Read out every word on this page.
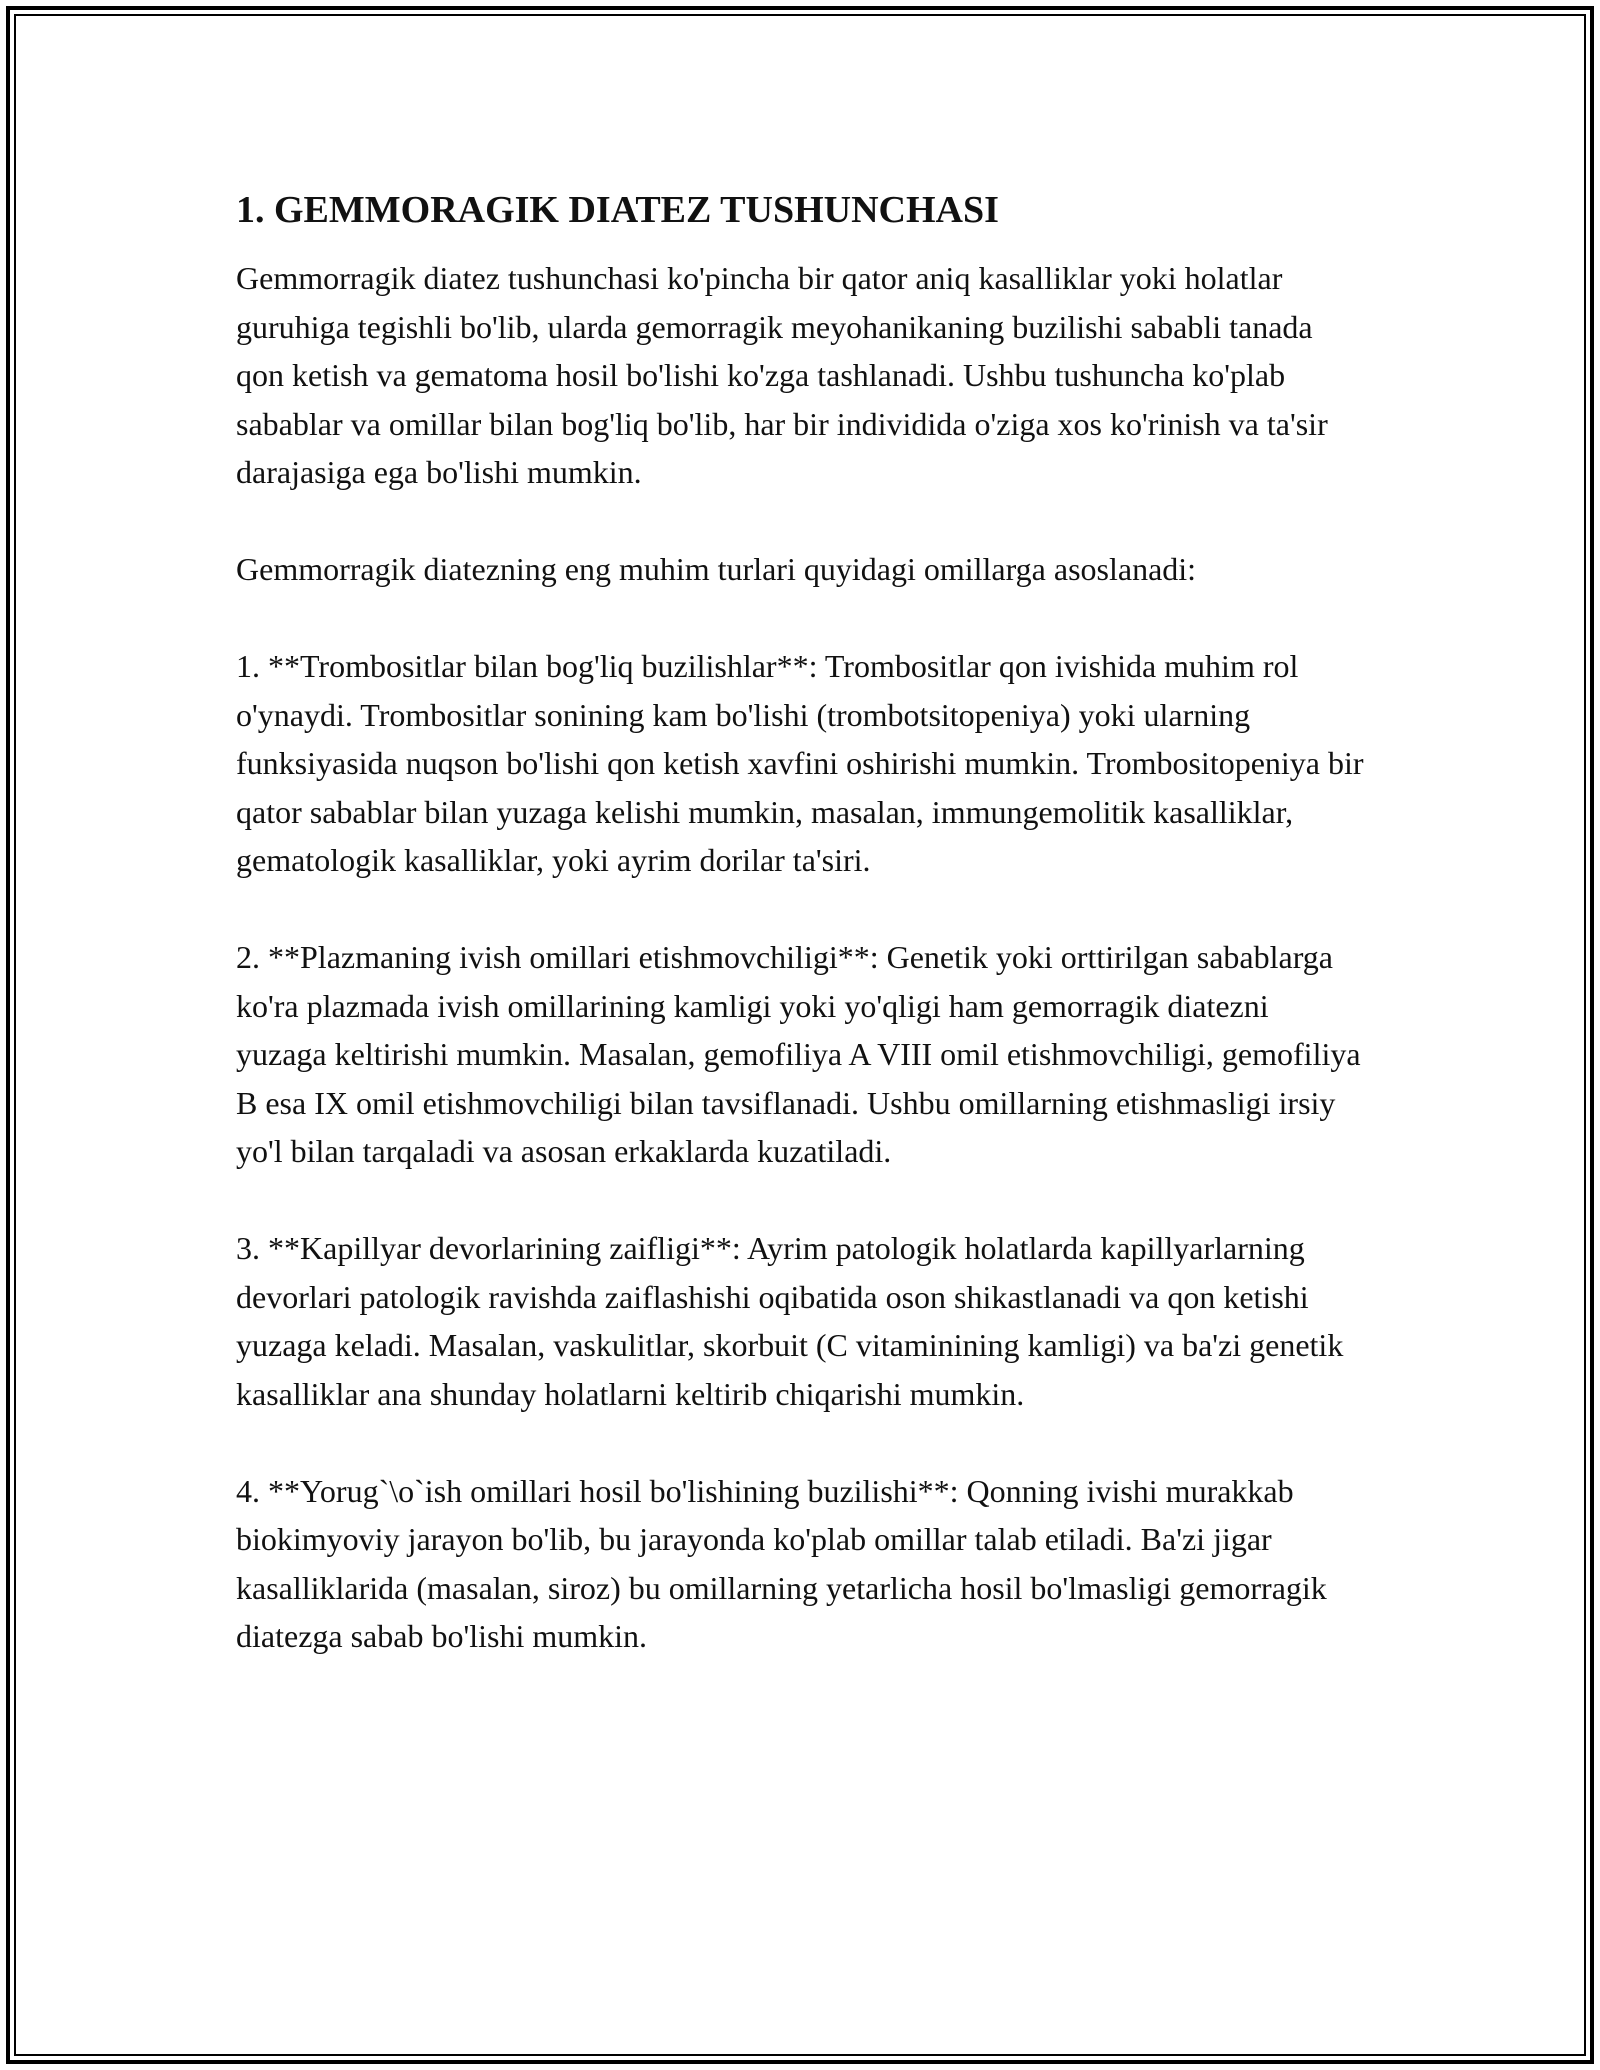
1. GEMMORAGIK DIATEZ TUSHUNCHASI

Gemmorragik diatez tushunchasi ko'pincha bir qator aniq kasalliklar yoki holatlar guruhiga tegishli bo'lib, ularda gemorragik meyohanikaning buzilishi sababli tanada qon ketish va gematoma hosil bo'lishi ko'zga tashlanadi. Ushbu tushuncha ko'plab sabablar va omillar bilan bog'liq bo'lib, har bir individida o'ziga xos ko'rinish va ta'sir darajasiga ega bo'lishi mumkin.

Gemmorragik diatezning eng muhim turlari quyidagi omillarga asoslanadi:

1. **Trombositlar bilan bog'liq buzilishlar**: Trombositlar qon ivishida muhim rol o'ynaydi. Trombositlar sonining kam bo'lishi (trombotsitopeniya) yoki ularning funksiyasida nuqson bo'lishi qon ketish xavfini oshirishi mumkin. Trombositopeniya bir qator sabablar bilan yuzaga kelishi mumkin, masalan, immungemolitik kasalliklar, gematologik kasalliklar, yoki ayrim dorilar ta'siri.

2. **Plazmaning ivish omillari etishmovchiligi**: Genetik yoki orttirilgan sabablarga ko'ra plazmada ivish omillarining kamligi yoki yo'qligi ham gemorragik diatezni yuzaga keltirishi mumkin. Masalan, gemofiliya A VIII omil etishmovchiligi, gemofiliya B esa IX omil etishmovchiligi bilan tavsiflanadi. Ushbu omillarning etishmasligi irsiy yo'l bilan tarqaladi va asosan erkaklarda kuzatiladi.

3. **Kapillyar devorlarining zaifligi**: Ayrim patologik holatlarda kapillyarlarning devorlari patologik ravishda zaiflashishi oqibatida oson shikastlanadi va qon ketishi yuzaga keladi. Masalan, vaskulitlar, skorbuit (C vitaminining kamligi) va ba'zi genetik kasalliklar ana shunday holatlarni keltirib chiqarishi mumkin.

4. **Yorug`\o`ish omillari hosil bo'lishining buzilishi**: Qonning ivishi murakkab biokimyoviy jarayon bo'lib, bu jarayonda ko'plab omillar talab etiladi. Ba'zi jigar kasalliklarida (masalan, siroz) bu omillarning yetarlicha hosil bo'lmasligi gemorragik diatezga sabab bo'lishi mumkin.
